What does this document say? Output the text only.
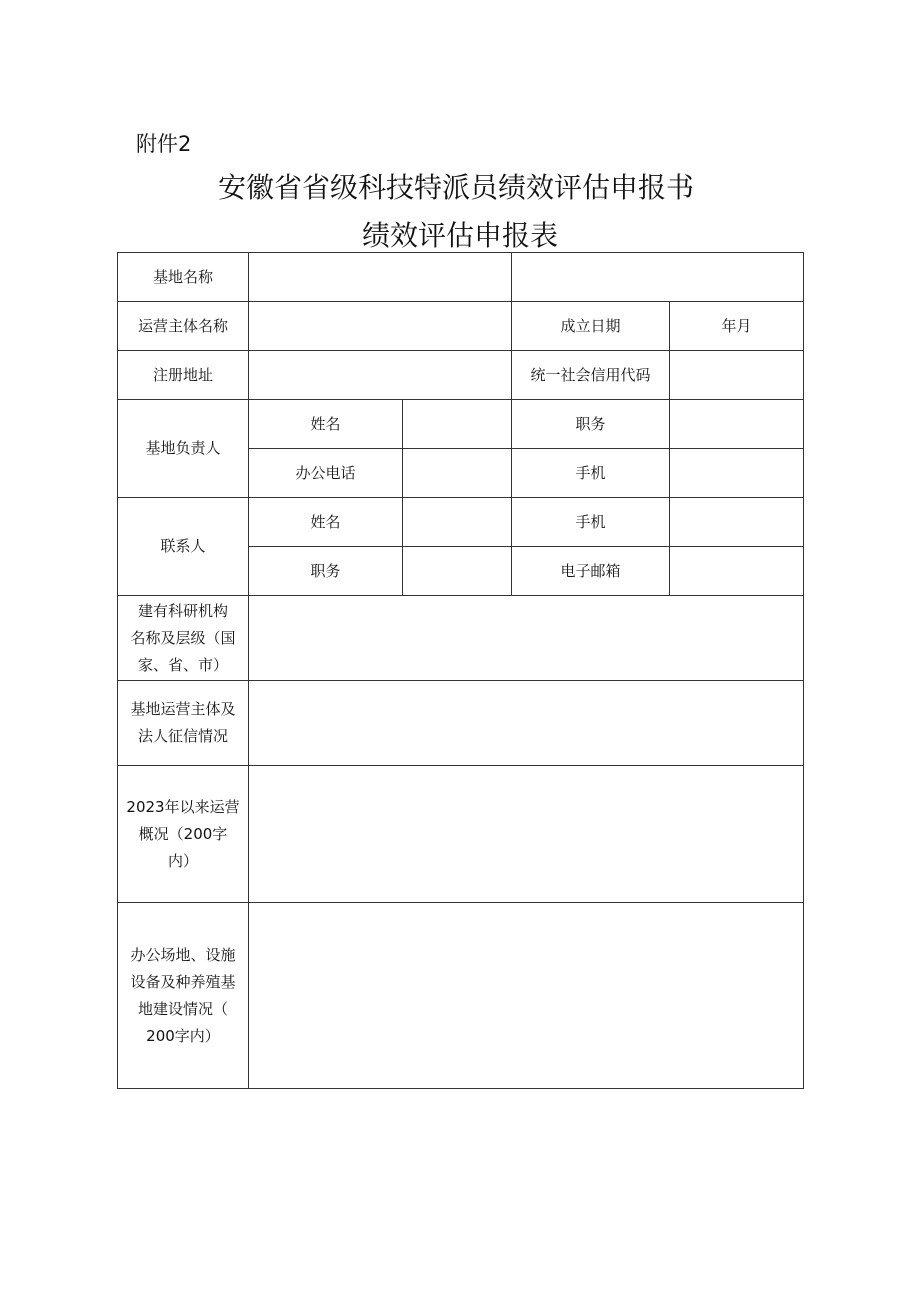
附件2
安徽省省级科技特派员绩效评估申报书
绩效评估申报表
基地名称				
运营主体名称			成立日期	年月
注册地址			统一社会信用代码	
基地负责人	姓名		职务	
	办公电话		手机	
联系人	姓名		手机	
	职务		电子邮箱	

建有科研机构
名称及层级（国
家、省、市）				

基地运营主体及
法人征信情况				

2023年以来运营
概况（200字
内）				

办公场地、设施
设备及种养殖基
地建设情况（
200字内）				
